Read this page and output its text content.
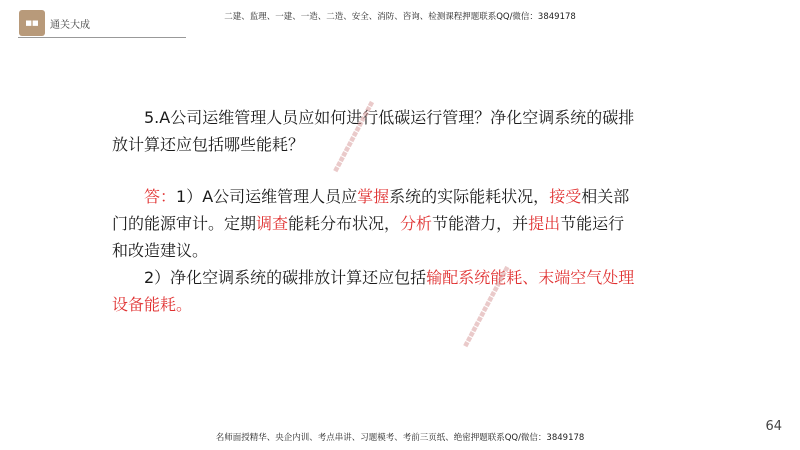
■■ 通关大成
二建、监理、一建、一造、二造、安全、消防、咨询、检测课程押题联系QQ/微信：3849178

5.A公司运维管理人员应如何进行低碳运行管理？净化空调系统的碳排放计算还应包括哪些能耗？

答：1）A公司运维管理人员应掌握系统的实际能耗状况，接受相关部门的能源审计。定期调查能耗分布状况，分析节能潜力，并提出节能运行和改造建议。

2）净化空调系统的碳排放计算还应包括输配系统能耗、末端空气处理设备能耗。

■■■■■■■■■■■■■■
■■■■■■■■■■■■■■■■
名师面授精华、央企内训、考点串讲、习题模考、考前三页纸、绝密押题联系QQ/微信：3849178
64
